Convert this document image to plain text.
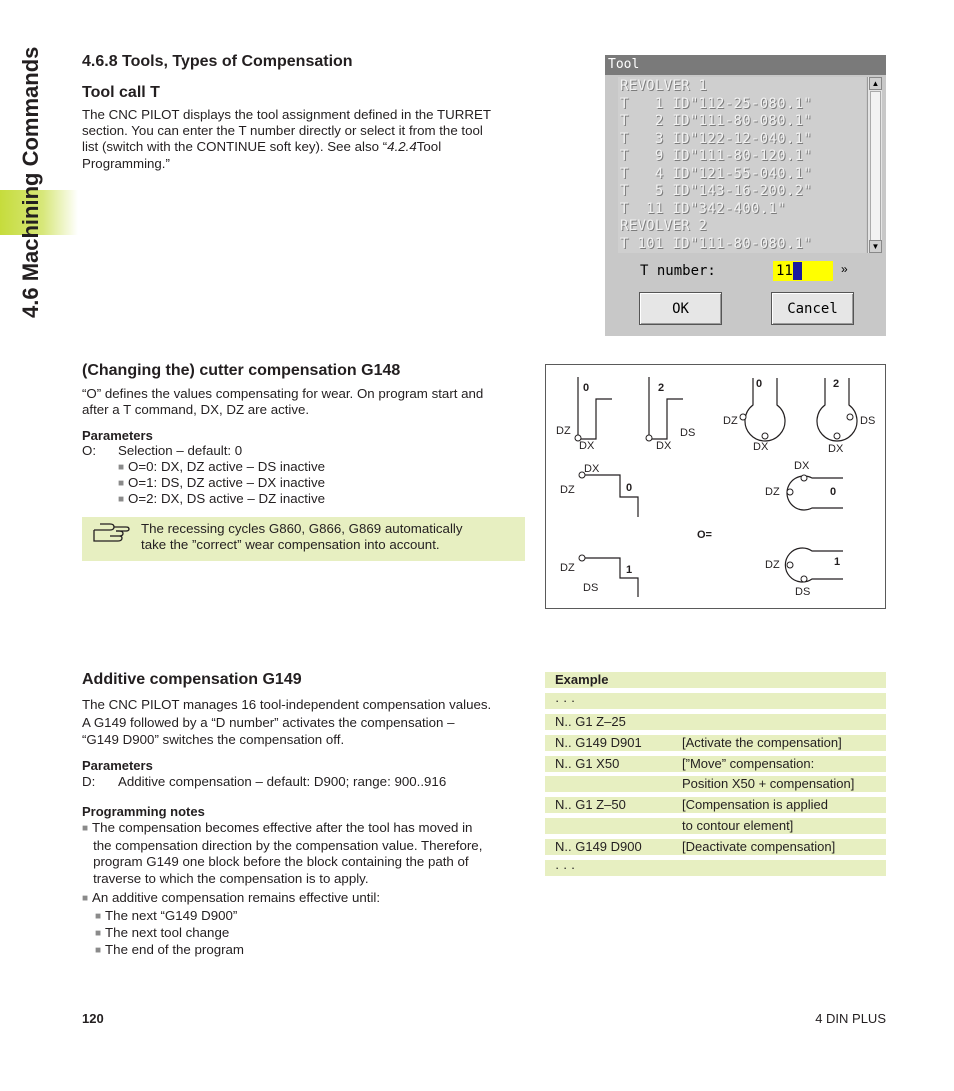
4.6 Machining Commands	4.6.8 Tools, Types of Compensation
Tool call T

The CNC PILOT displays the tool assignment defined in the TURRET
section. You can enter the T number directly or select it from the tool
list (switch with the CONTINUE soft key). See also “4.2.4Tool
Programming.”

Tool
REVOLVER 1
T   1 ID"112-25-080.1"
T   2 ID"111-80-080.1"
T   3 ID"122-12-040.1"
T   9 ID"111-80-120.1"
T   4 ID"121-55-040.1"
T   5 ID"143-16-200.2"
T  11 ID"342-400.1"
REVOLVER 2
T 101 ID"111-80-080.1"
▲
▼
T number:	11	»
OK	Cancel
(Changing the) cutter compensation G148

“O” defines the values compensating for wear. On program start and
after a T command, DX, DZ are active.

Parameters
O: Selection – default: 0
■ O=0: DX, DZ active – DS inactive
■ O=1: DS, DZ active – DX inactive
■ O=2: DX, DS active – DZ inactive
The recessing cycles G860, G866, G869 automatically
take the ”correct” wear compensation into account.
0
DZ
DX
2
DS
DX
0
DZ
DX
2
DS
DX
DX
DZ	0
DX
DZ	0
O=
DZ	1
DS
DZ	1
DS
Additive compensation G149

The CNC PILOT manages 16 tool-independent compensation values.
A G149 followed by a “D number” activates the compensation –
“G149 D900” switches the compensation off.

Parameters
D: Additive compensation – default: D900; range: 900..916
Programming notes

■ The compensation becomes effective after the tool has moved in
the compensation direction by the compensation value. Therefore,
program G149 one block before the block containing the path of
traverse to which the compensation is to apply.

■ An additive compensation remains effective until:
■ The next “G149 D900”
■ The next tool change
■ The end of the program
Example
· · ·
N.. G1 Z–25
N.. G149 D901	[Activate the compensation]
N.. G1 X50	[”Move” compensation:
Position X50 + compensation]
N.. G1 Z–50	[Compensation is applied
to contour element]
N.. G149 D900	[Deactivate compensation]
· · ·
120	4 DIN PLUS
